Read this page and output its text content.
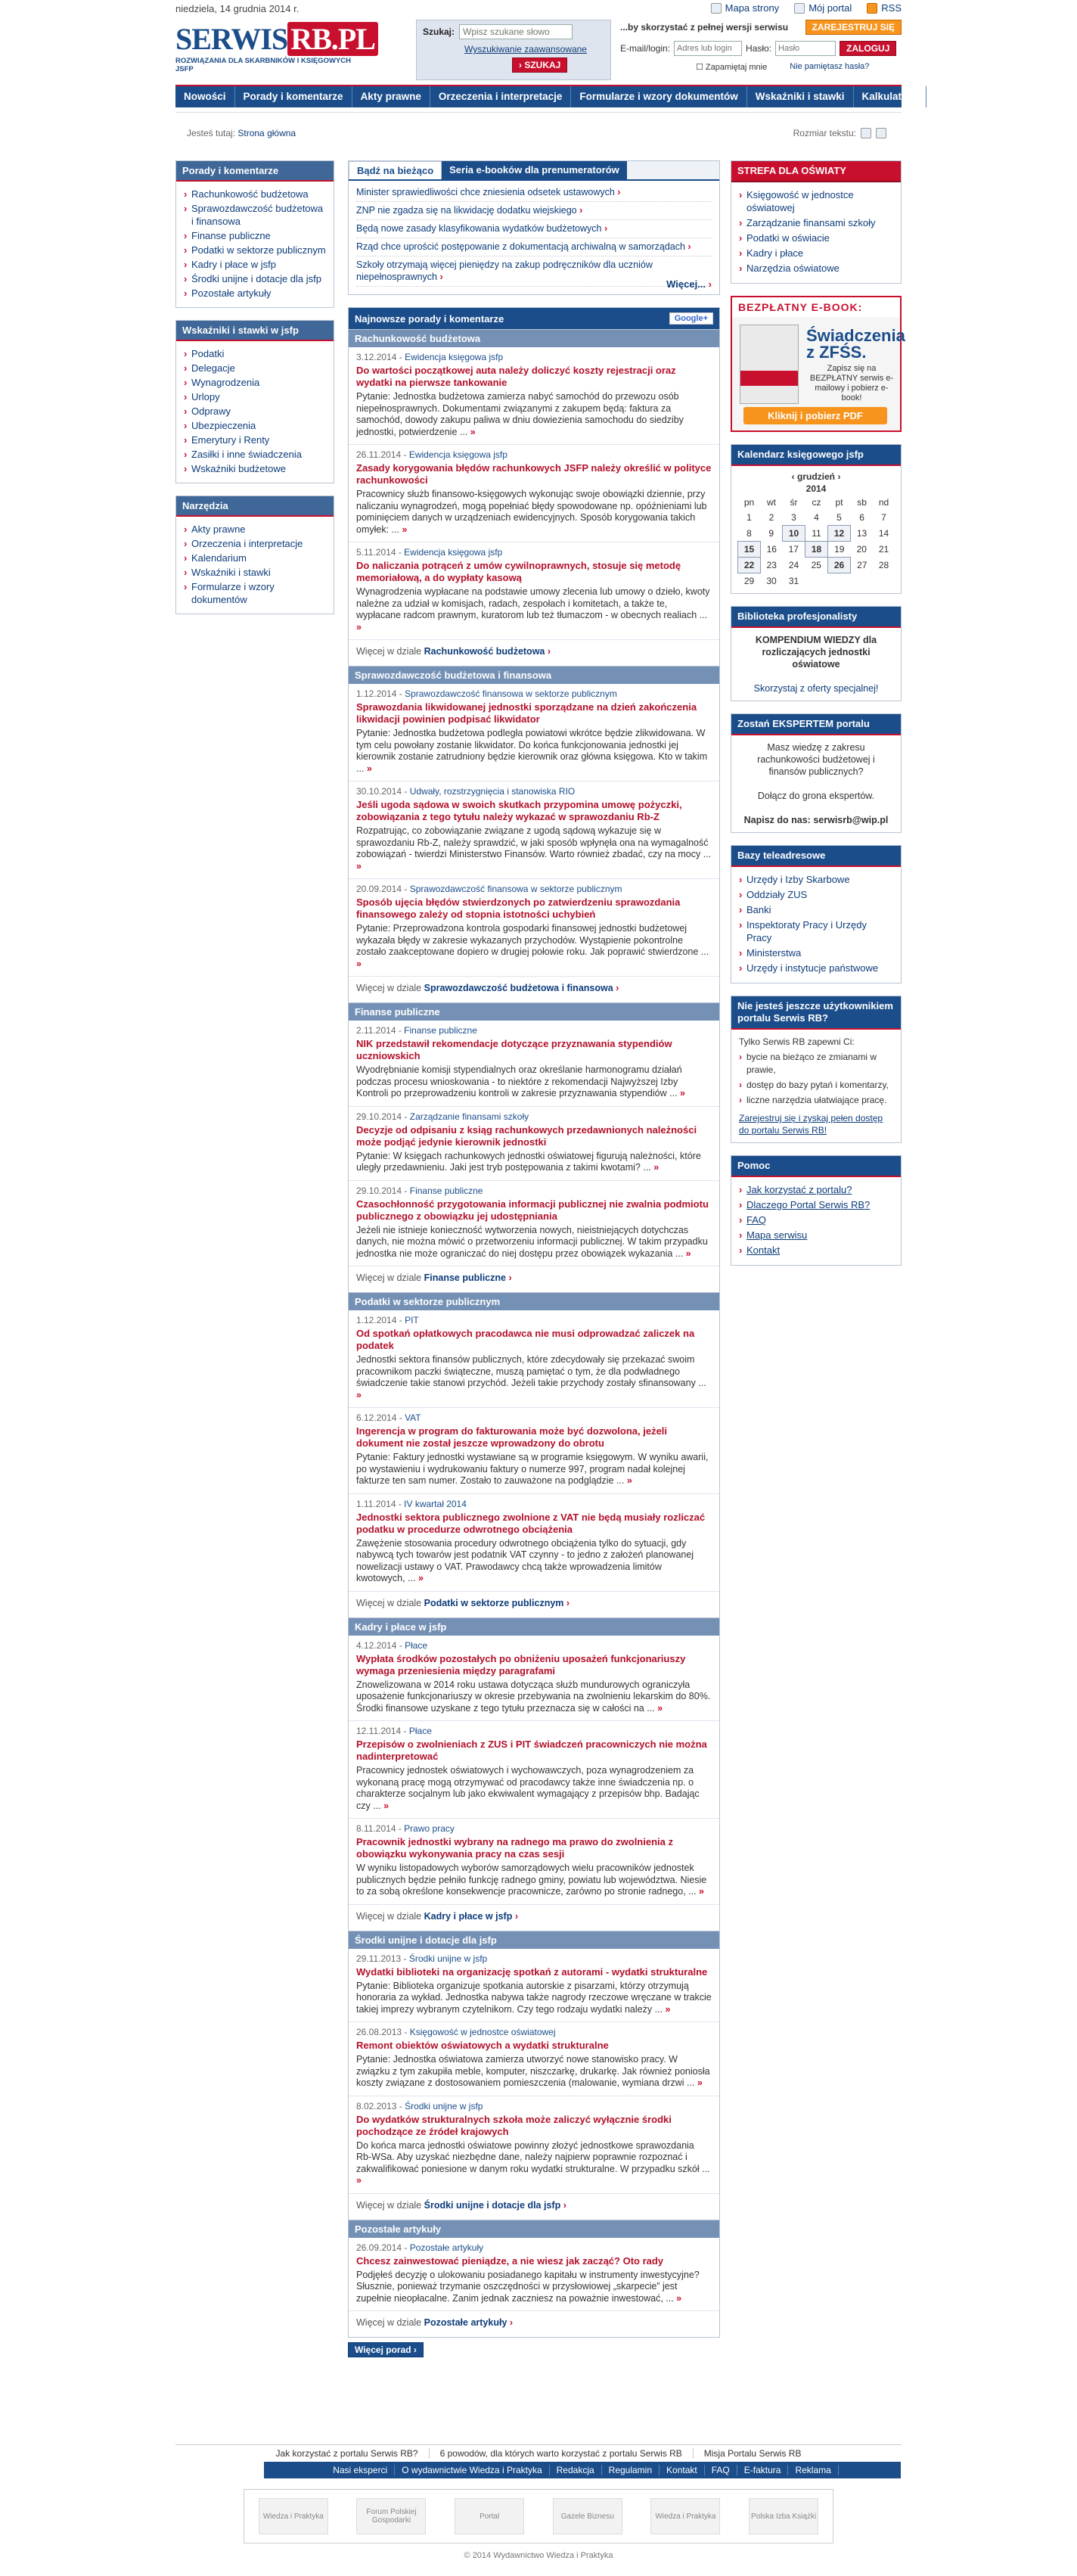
niedziela, 14 grudnia 2014 r.	Mapa strony	Mój portal	RSS
SERWIS RB.PL
ROZWIĄZANIA DLA SKARBNIKÓW I KSIĘGOWYCH JSFP
Szukaj:
Wpisz szukane słowo
Wyszukiwanie zaawansowane
› SZUKAJ
...by skorzystać z pełnej wersji serwisu	ZAREJESTRUJ SIĘ
E-mail/login:
Adres lub login	Hasło:
Hasło	ZALOGUJ
☐ Zapamiętaj mnie	Nie pamiętasz hasła?
Nowości	Porady i komentarze	Akty prawne	Orzeczenia i interpretacje	Formularze i wzory dokumentów	Wskaźniki i stawki	Kalkulatory
Jesteś tutaj: Strona główna	Rozmiar tekstu:
Porady i komentarze
› Rachunkowość budżetowa
› Sprawozdawczość budżetowa i finansowa
› Finanse publiczne
› Podatki w sektorze publicznym
› Kadry i płace w jsfp
› Środki unijne i dotacje dla jsfp
› Pozostałe artykuły
Wskaźniki i stawki w jsfp
› Podatki
› Delegacje
› Wynagrodzenia
› Urlopy
› Odprawy
› Ubezpieczenia
› Emerytury i Renty
› Zasiłki i inne świadczenia
› Wskaźniki budżetowe
Narzędzia
› Akty prawne
› Orzeczenia i interpretacje
› Kalendarium
› Wskaźniki i stawki
› Formularze i wzory dokumentów
Bądź na bieżąco	Seria e-booków dla prenumeratorów
Minister sprawiedliwości chce zniesienia odsetek ustawowych ›
ZNP nie zgadza się na likwidację dodatku wiejskiego ›
Będą nowe zasady klasyfikowania wydatków budżetowych ›
Rząd chce uprościć postępowanie z dokumentacją archiwalną w samorządach ›
Szkoły otrzymają więcej pieniędzy na zakup podręczników dla uczniów niepełnosprawnych ›
Więcej... ›
Najnowsze porady i komentarze	Google+
Rachunkowość budżetowa
3.12.2014 - Ewidencja księgowa jsfp
Do wartości początkowej auta należy doliczyć koszty rejestracji oraz wydatki na pierwsze tankowanie
Pytanie: Jednostka budżetowa zamierza nabyć samochód do przewozu osób niepełnosprawnych. Dokumentami związanymi z zakupem będą: faktura za samochód, dowody zakupu paliwa w dniu dowiezienia samochodu do siedziby jednostki, potwierdzenie ... »
26.11.2014 - Ewidencja księgowa jsfp
Zasady korygowania błędów rachunkowych JSFP należy określić w polityce rachunkowości
Pracownicy służb finansowo-księgowych wykonując swoje obowiązki dziennie, przy naliczaniu wynagrodzeń, mogą popełniać błędy spowodowane np. opóźnieniami lub pominięciem danych w urządzeniach ewidencyjnych. Sposób korygowania takich omyłek: ... »
5.11.2014 - Ewidencja księgowa jsfp
Do naliczania potrąceń z umów cywilnoprawnych, stosuje się metodę memoriałową, a do wypłaty kasową
Wynagrodzenia wypłacane na podstawie umowy zlecenia lub umowy o dzieło, kwoty należne za udział w komisjach, radach, zespołach i komitetach, a także te, wypłacane radcom prawnym, kuratorom lub też tłumaczom - w obecnych realiach ... »
Więcej w dziale Rachunkowość budżetowa ›
Sprawozdawczość budżetowa i finansowa
1.12.2014 - Sprawozdawczość finansowa w sektorze publicznym
Sprawozdania likwidowanej jednostki sporządzane na dzień zakończenia likwidacji powinien podpisać likwidator
Pytanie: Jednostka budżetowa podległa powiatowi wkrótce będzie zlikwidowana. W tym celu powołany zostanie likwidator. Do końca funkcjonowania jednostki jej kierownik zostanie zatrudniony będzie kierownik oraz główna księgowa. Kto w takim ... »
30.10.2014 - Udwały, rozstrzygnięcia i stanowiska RIO
Jeśli ugoda sądowa w swoich skutkach przypomina umowę pożyczki, zobowiązania z tego tytułu należy wykazać w sprawozdaniu Rb-Z
Rozpatrując, co zobowiązanie związane z ugodą sądową wykazuje się w sprawozdaniu Rb-Z, należy sprawdzić, w jaki sposób wpłynęła ona na wymagalność zobowiązań - twierdzi Ministerstwo Finansów. Warto również zbadać, czy na mocy ... »
20.09.2014 - Sprawozdawczość finansowa w sektorze publicznym
Sposób ujęcia błędów stwierdzonych po zatwierdzeniu sprawozdania finansowego zależy od stopnia istotności uchybień
Pytanie: Przeprowadzona kontrola gospodarki finansowej jednostki budżetowej wykazała błędy w zakresie wykazanych przychodów. Wystąpienie pokontrolne zostało zaakceptowane dopiero w drugiej połowie roku. Jak poprawić stwierdzone ... »
Więcej w dziale Sprawozdawczość budżetowa i finansowa ›
Finanse publiczne
2.11.2014 - Finanse publiczne
NIK przedstawił rekomendacje dotyczące przyznawania stypendiów uczniowskich
Wyodrębnianie komisji stypendialnych oraz określanie harmonogramu działań podczas procesu wnioskowania - to niektóre z rekomendacji Najwyższej Izby Kontroli po przeprowadzeniu kontroli w zakresie przyznawania stypendiów ... »
29.10.2014 - Zarządzanie finansami szkoły
Decyzje od odpisaniu z ksiąg rachunkowych przedawnionych należności może podjąć jedynie kierownik jednostki
Pytanie: W księgach rachunkowych jednostki oświatowej figurują należności, które uległy przedawnieniu. Jaki jest tryb postępowania z takimi kwotami? ... »
29.10.2014 - Finanse publiczne
Czasochłonność przygotowania informacji publicznej nie zwalnia podmiotu publicznego z obowiązku jej udostępniania
Jeżeli nie istnieje konieczność wytworzenia nowych, nieistniejących dotychczas danych, nie można mówić o przetworzeniu informacji publicznej. W takim przypadku jednostka nie może ograniczać do niej dostępu przez obowiązek wykazania ... »
Więcej w dziale Finanse publiczne ›
Podatki w sektorze publicznym
1.12.2014 - PIT
Od spotkań opłatkowych pracodawca nie musi odprowadzać zaliczek na podatek
Jednostki sektora finansów publicznych, które zdecydowały się przekazać swoim pracownikom paczki świąteczne, muszą pamiętać o tym, że dla podwładnego świadczenie takie stanowi przychód. Jeżeli takie przychody zostały sfinansowany ... »
6.12.2014 - VAT
Ingerencja w program do fakturowania może być dozwolona, jeżeli dokument nie został jeszcze wprowadzony do obrotu
Pytanie: Faktury jednostki wystawiane są w programie księgowym. W wyniku awarii, po wystawieniu i wydrukowaniu faktury o numerze 997, program nadał kolejnej fakturze ten sam numer. Zostało to zauważone na podglądzie ... »
1.11.2014 - IV kwartał 2014
Jednostki sektora publicznego zwolnione z VAT nie będą musiały rozliczać podatku w procedurze odwrotnego obciążenia
Zawężenie stosowania procedury odwrotnego obciążenia tylko do sytuacji, gdy nabywcą tych towarów jest podatnik VAT czynny - to jedno z założeń planowanej nowelizacji ustawy o VAT. Prawodawcy chcą także wprowadzenia limitów kwotowych, ... »
Więcej w dziale Podatki w sektorze publicznym ›
Kadry i płace w jsfp
4.12.2014 - Płace
Wypłata środków pozostałych po obniżeniu uposażeń funkcjonariuszy wymaga przeniesienia między paragrafami
Znowelizowana w 2014 roku ustawa dotycząca służb mundurowych ograniczyła uposażenie funkcjonariuszy w okresie przebywania na zwolnieniu lekarskim do 80%. Środki finansowe uzyskane z tego tytułu przeznacza się w całości na ... »
12.11.2014 - Płace
Przepisów o zwolnieniach z ZUS i PIT świadczeń pracowniczych nie można nadinterpretować
Pracownicy jednostek oświatowych i wychowawczych, poza wynagrodzeniem za wykonaną pracę mogą otrzymywać od pracodawcy także inne świadczenia np. o charakterze socjalnym lub jako ekwiwalent wymagający z przepisów bhp. Badając czy ... »
8.11.2014 - Prawo pracy
Pracownik jednostki wybrany na radnego ma prawo do zwolnienia z obowiązku wykonywania pracy na czas sesji
W wyniku listopadowych wyborów samorządowych wielu pracowników jednostek publicznych będzie pełniło funkcję radnego gminy, powiatu lub województwa. Niesie to za sobą określone konsekwencje pracownicze, zarówno po stronie radnego, ... »
Więcej w dziale Kadry i płace w jsfp ›
Środki unijne i dotacje dla jsfp
29.11.2013 - Środki unijne w jsfp
Wydatki biblioteki na organizację spotkań z autorami - wydatki strukturalne
Pytanie: Biblioteka organizuje spotkania autorskie z pisarzami, którzy otrzymują honoraria za wykład. Jednostka nabywa także nagrody rzeczowe wręczane w trakcie takiej imprezy wybranym czytelnikom. Czy tego rodzaju wydatki należy ... »
26.08.2013 - Księgowość w jednostce oświatowej
Remont obiektów oświatowych a wydatki strukturalne
Pytanie: Jednostka oświatowa zamierza utworzyć nowe stanowisko pracy. W związku z tym zakupiła meble, komputer, niszczarkę, drukarkę. Jak również poniosła koszty związane z dostosowaniem pomieszczenia (malowanie, wymiana drzwi ... »
8.02.2013 - Środki unijne w jsfp
Do wydatków strukturalnych szkoła może zaliczyć wyłącznie środki pochodzące ze źródeł krajowych
Do końca marca jednostki oświatowe powinny złożyć jednostkowe sprawozdania Rb-WSa. Aby uzyskać niezbędne dane, należy najpierw poprawnie rozpoznać i zakwalifikować poniesione w danym roku wydatki strukturalne. W przypadku szkół ... »
Więcej w dziale Środki unijne i dotacje dla jsfp ›
Pozostałe artykuły
26.09.2014 - Pozostałe artykuły
Chcesz zainwestować pieniądze, a nie wiesz jak zacząć? Oto rady
Podjęłeś decyzję o ulokowaniu posiadanego kapitału w instrumenty inwestycyjne? Słusznie, ponieważ trzymanie oszczędności w przysłowiowej „skarpecie” jest zupełnie nieopłacalne. Zanim jednak zaczniesz na poważnie inwestować, ... »
Więcej w dziale Pozostałe artykuły ›
Więcej porad ›
STREFA DLA OŚWIATY
› Księgowość w jednostce oświatowej
› Zarządzanie finansami szkoły
› Podatki w oświacie
› Kadry i płace
› Narzędzia oświatowe
BEZPŁATNY E-BOOK:
Świadczenia z ZFŚS.
Zapisz się na BEZPŁATNY serwis e-mailowy i pobierz e-book!
Kliknij i pobierz PDF
Kalendarz księgowego jsfp
‹ grudzień ›
2014
pn	wt	śr	cz	pt	sb	nd
1	2	3	4	5	6	7
8	9	10	11	12	13	14
15	16	17	18	19	20	21
22	23	24	25	26	27	28
29	30	31				
Biblioteka profesjonalisty
KOMPENDIUM WIEDZY dla rozliczających jednostki oświatowe

Skorzystaj z oferty specjalnej!
Zostań EKSPERTEM portalu
Masz wiedzę z zakresu rachunkowości budżetowej i finansów publicznych?

Dołącz do grona ekspertów.

Napisz do nas: serwisrb@wip.pl
Bazy teleadresowe
› Urzędy i Izby Skarbowe
› Oddziały ZUS
› Banki
› Inspektoraty Pracy i Urzędy Pracy
› Ministerstwa
› Urzędy i instytucje państwowe
Nie jesteś jeszcze użytkownikiem portalu Serwis RB?
Tylko Serwis RB zapewni Ci:
› bycie na bieżąco ze zmianami w prawie,
› dostęp do bazy pytań i komentarzy,
› liczne narzędzia ułatwiające pracę.
Zarejestruj się i zyskaj pełen dostęp do portalu Serwis RB!
Pomoc
› Jak korzystać z portalu?
› Dlaczego Portal Serwis RB?
› FAQ
› Mapa serwisu
› Kontakt
Jak korzystać z portalu Serwis RB?	6 powodów, dla których warto korzystać z portalu Serwis RB	Misja Portalu Serwis RB
Nasi eksperci	O wydawnictwie Wiedza i Praktyka	Redakcja	Regulamin	Kontakt	FAQ	E-faktura	Reklama
Wiedza i Praktyka	Forum Polskiej Gospodarki	Portal	Gazele Biznesu	Wiedza i Praktyka	Polska Izba Książki
© 2014 Wydawnictwo Wiedza i Praktyka
